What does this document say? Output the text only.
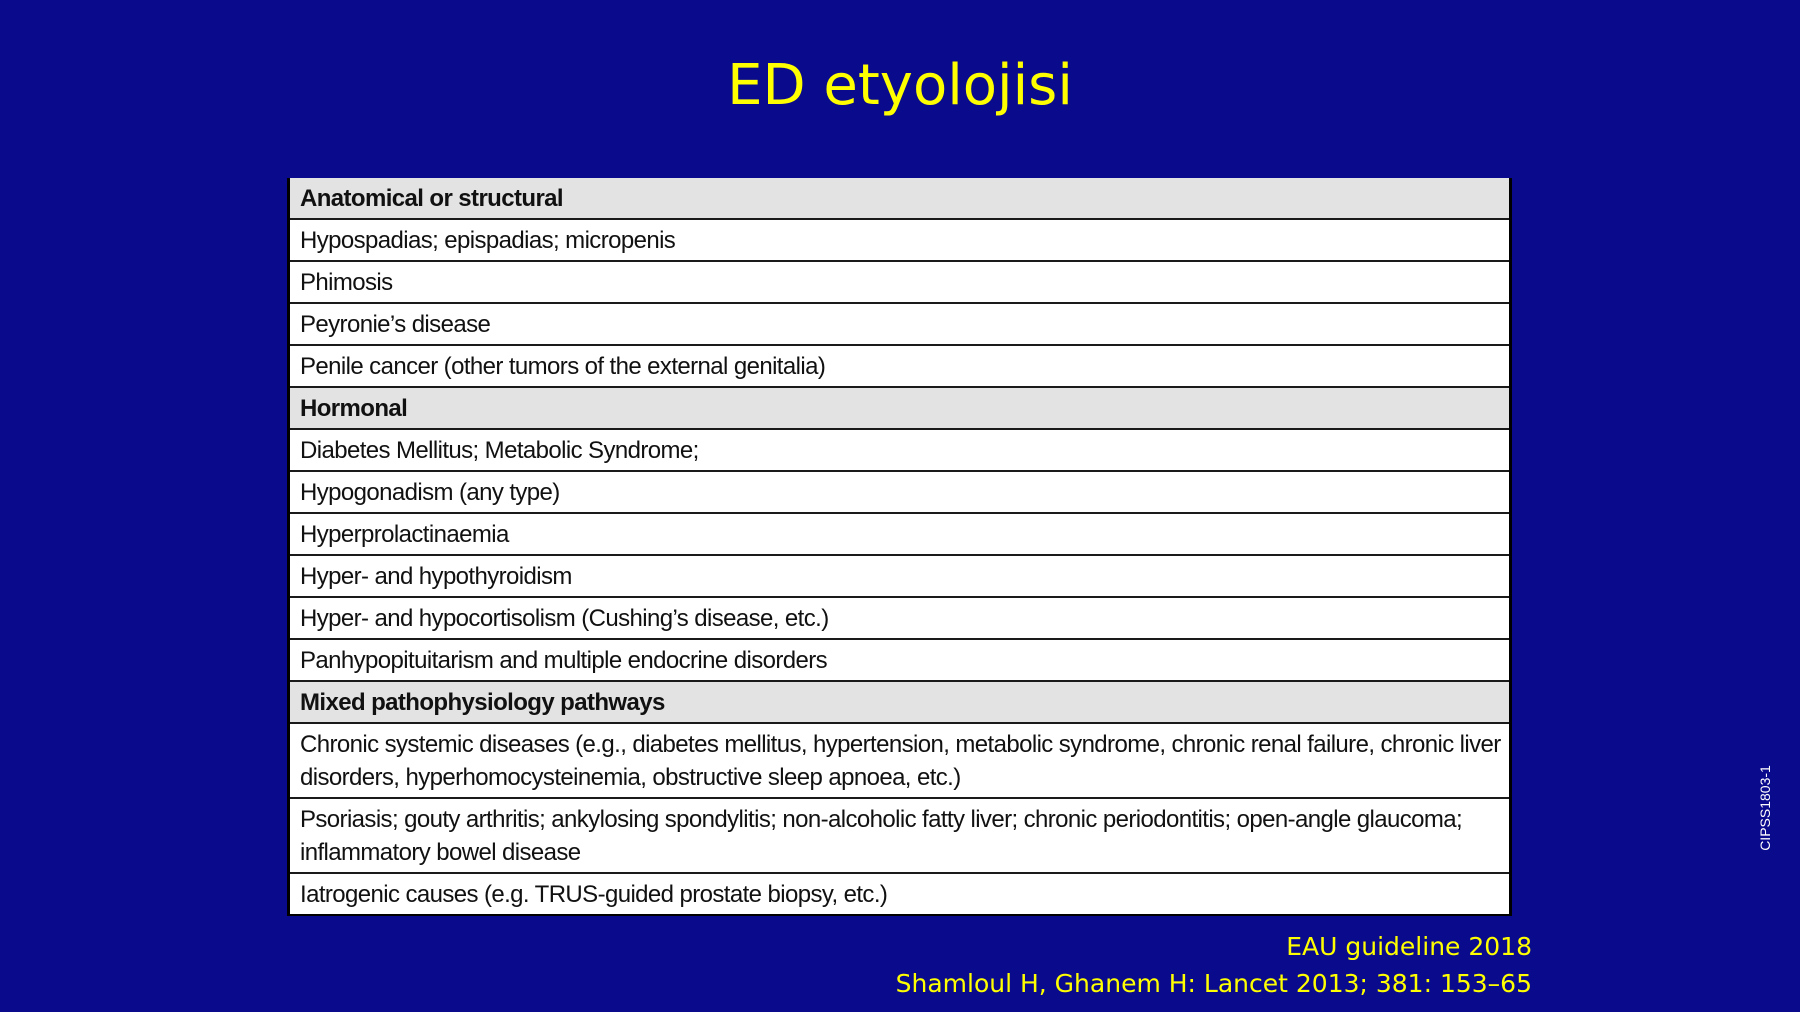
ED etyolojisi
Anatomical or structural
Hypospadias; epispadias; micropenis
Phimosis
Peyronie’s disease
Penile cancer (other tumors of the external genitalia)
Hormonal
Diabetes Mellitus; Metabolic Syndrome;
Hypogonadism (any type)
Hyperprolactinaemia
Hyper- and hypothyroidism
Hyper- and hypocortisolism (Cushing’s disease, etc.)
Panhypopituitarism and multiple endocrine disorders
Mixed pathophysiology pathways
Chronic systemic diseases (e.g., diabetes mellitus, hypertension, metabolic syndrome, chronic renal failure, chronic liver disorders, hyperhomocysteinemia, obstructive sleep apnoea, etc.)
Psoriasis; gouty arthritis; ankylosing spondylitis; non-alcoholic fatty liver; chronic periodontitis; open-angle glaucoma; inflammatory bowel disease
Iatrogenic causes (e.g. TRUS-guided prostate biopsy, etc.)
EAU guideline 2018
Shamloul H, Ghanem H: Lancet 2013; 381: 153–65
CIPSS1803-1
